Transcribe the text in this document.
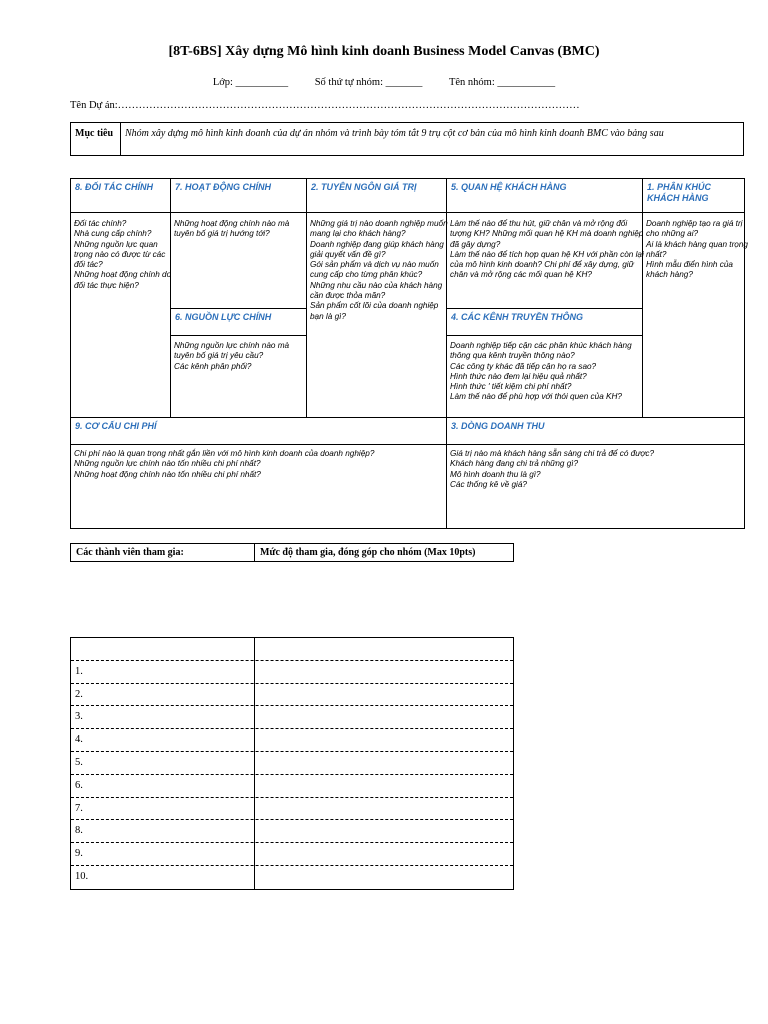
[8T-6BS] Xây dựng Mô hình kinh doanh Business Model Canvas (BMC)
Lớp: __________	Số thứ tự nhóm: _______	Tên nhóm: ___________
Tên Dự án:……………………………………………………………………………………………………………………
Mục tiêu	Nhóm xây dựng mô hình kinh doanh của dự án nhóm và trình bày tóm tắt 9 trụ cột cơ bản của mô hình kinh doanh BMC vào bảng sau
8. ĐỐI TÁC CHÍNH
Đối tác chính?
Nhà cung cấp chính?
Những nguồn lực quan trọng nào có được từ các đối tác?
Những hoạt động chính do đối tác thực hiện?
7. HOẠT ĐỘNG CHÍNH
Những hoạt động chính nào mà tuyên bố giá trị hướng tới?
6. NGUỒN LỰC CHÍNH
Những nguồn lực chính nào mà tuyên bố giá trị yêu cầu?
Các kênh phân phối?
2. TUYÊN NGÔN GIÁ TRỊ
Những giá trị nào doanh nghiệp muốn mang lại cho khách hàng?
Doanh nghiệp đang giúp khách hàng giải quyết vấn đề gì?
Gói sản phẩm và dịch vụ nào muốn cung cấp cho từng phân khúc?
Những nhu cầu nào của khách hàng cần được thỏa mãn?
Sản phẩm cốt lõi của doanh nghiệp bạn là gì?
5. QUAN HỆ KHÁCH HÀNG
Làm thế nào để thu hút, giữ chân và mở rộng đối tượng KH? Những mối quan hệ KH mà doanh nghiệp đã gây dựng?
Làm thế nào để tích hợp quan hệ KH với phần còn lại của mô hình kinh doanh? Chi phí để xây dựng, giữ chân và mở rộng các mối quan hệ KH?
4. CÁC KÊNH TRUYỀN THÔNG
Doanh nghiệp tiếp cận các phân khúc khách hàng thông qua kênh truyền thông nào?
Các công ty khác đã tiếp cận họ ra sao?
Hình thức nào đem lại hiệu quả nhất?
Hình thức ' tiết kiệm chi phí nhất?
Làm thế nào để phù hợp với thói quen của KH?
1. PHÂN KHÚC KHÁCH HÀNG
Doanh nghiệp tạo ra giá trị cho những ai?
Ai là khách hàng quan trọng nhất?
Hình mẫu điển hình của khách hàng?
9. CƠ CẤU CHI PHÍ
Chi phí nào là quan trọng nhất gắn liền với mô hình kinh doanh của doanh nghiệp?
Những nguồn lực chính nào tốn nhiều chi phí nhất?
Những hoạt động chính nào tốn nhiều chi phí nhất?
3. DÒNG DOANH THU
Giá trị nào mà khách hàng sẵn sàng chi trả để có được?
Khách hàng đang chi trả những gì?
Mô hình doanh thu là gì?
Các thống kê về giá?
Các thành viên tham gia:	Mức độ tham gia, đóng góp cho nhóm (Max 10pts)
1.
2.
3.
4.
5.
6.
7.
8.
9.
10.
